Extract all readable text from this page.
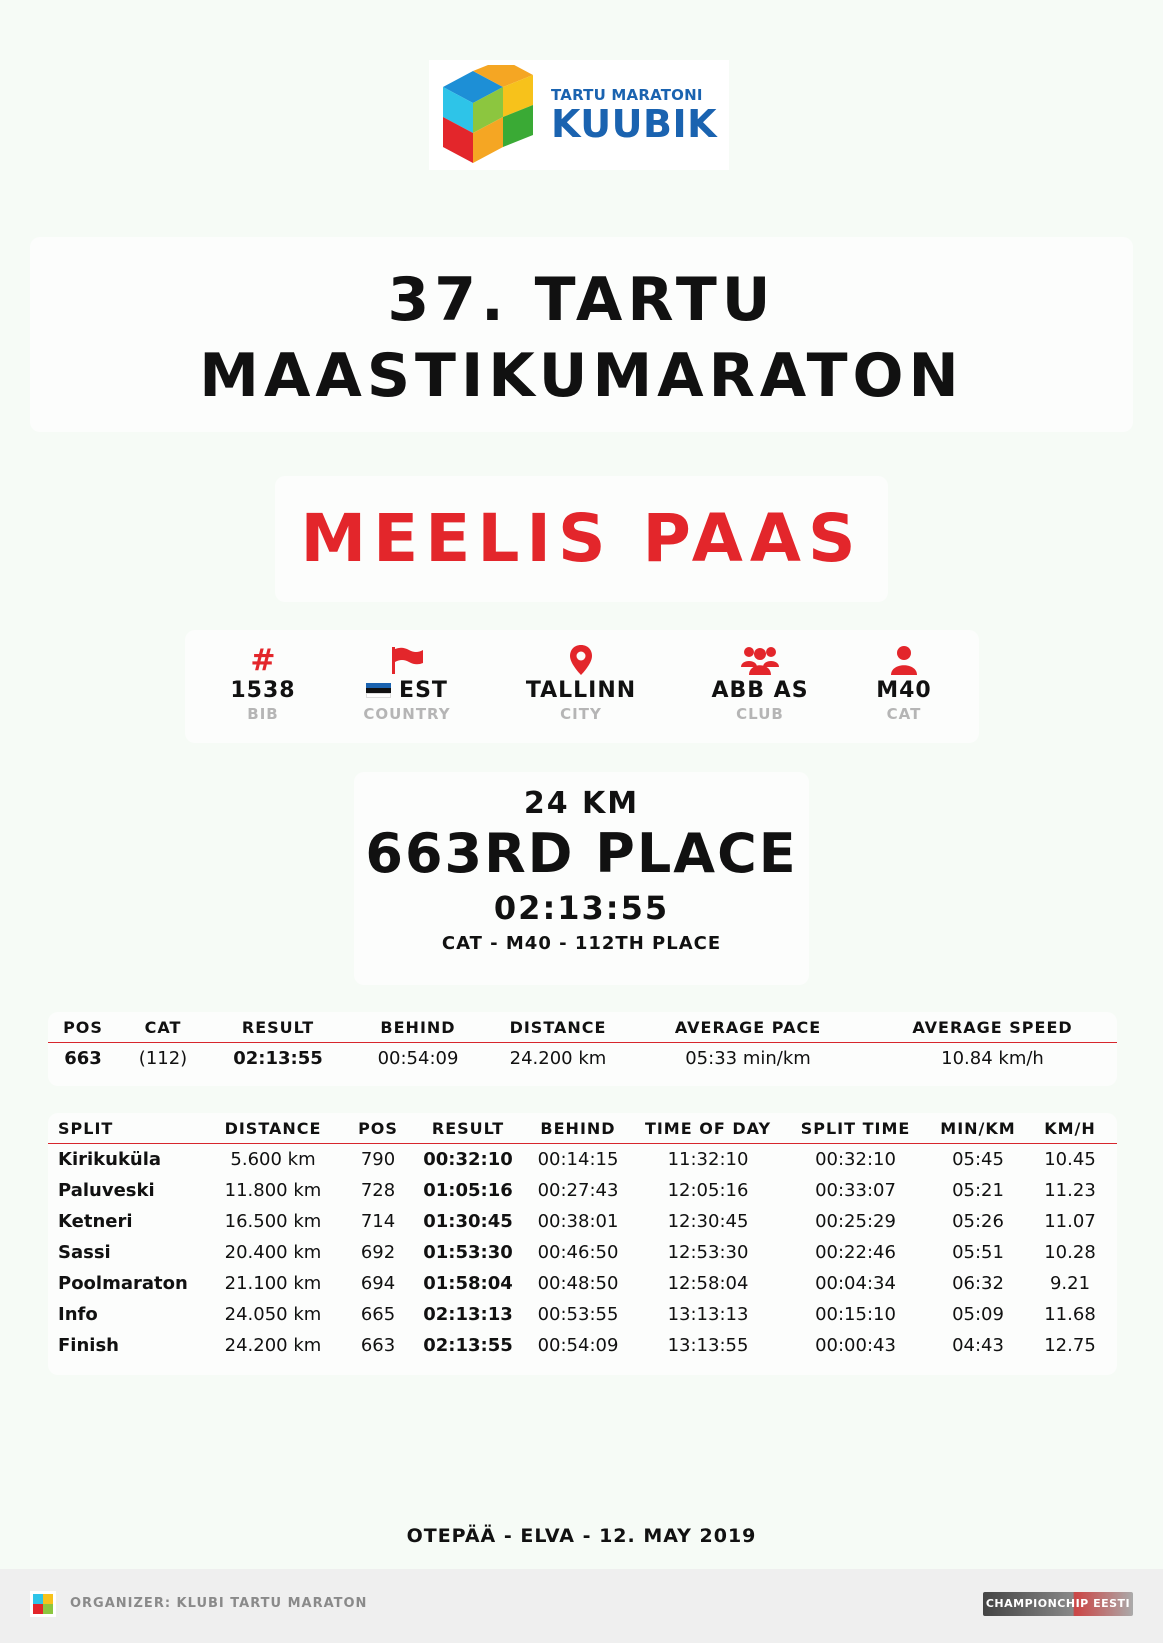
TARTU MARATONI
KUUBIK
37. TARTU
MAASTIKUMARATON
MEELIS PAAS
#
1538
BIB
EST
COUNTRY
TALLINN
CITY
ABB AS
CLUB
M40
CAT
24 KM
663RD PLACE
02:13:55
CAT - M40 - 112TH PLACE
POS	CAT	RESULT	BEHIND	DISTANCE	AVERAGE PACE	AVERAGE SPEED
663	(112)	02:13:55	00:54:09	24.200 km	05:33 min/km	10.84 km/h
SPLIT	DISTANCE	POS	RESULT	BEHIND	TIME OF DAY	SPLIT TIME	MIN/KM	KM/H
Kirikuküla	5.600 km	790	00:32:10	00:14:15	11:32:10	00:32:10	05:45	10.45
Paluveski	11.800 km	728	01:05:16	00:27:43	12:05:16	00:33:07	05:21	11.23
Ketneri	16.500 km	714	01:30:45	00:38:01	12:30:45	00:25:29	05:26	11.07
Sassi	20.400 km	692	01:53:30	00:46:50	12:53:30	00:22:46	05:51	10.28
Poolmaraton	21.100 km	694	01:58:04	00:48:50	12:58:04	00:04:34	06:32	9.21
Info	24.050 km	665	02:13:13	00:53:55	13:13:13	00:15:10	05:09	11.68
Finish	24.200 km	663	02:13:55	00:54:09	13:13:55	00:00:43	04:43	12.75
OTEPÄÄ - ELVA - 12. MAY 2019
ORGANIZER: KLUBI TARTU MARATON	CHAMPIONCHIP EESTI
